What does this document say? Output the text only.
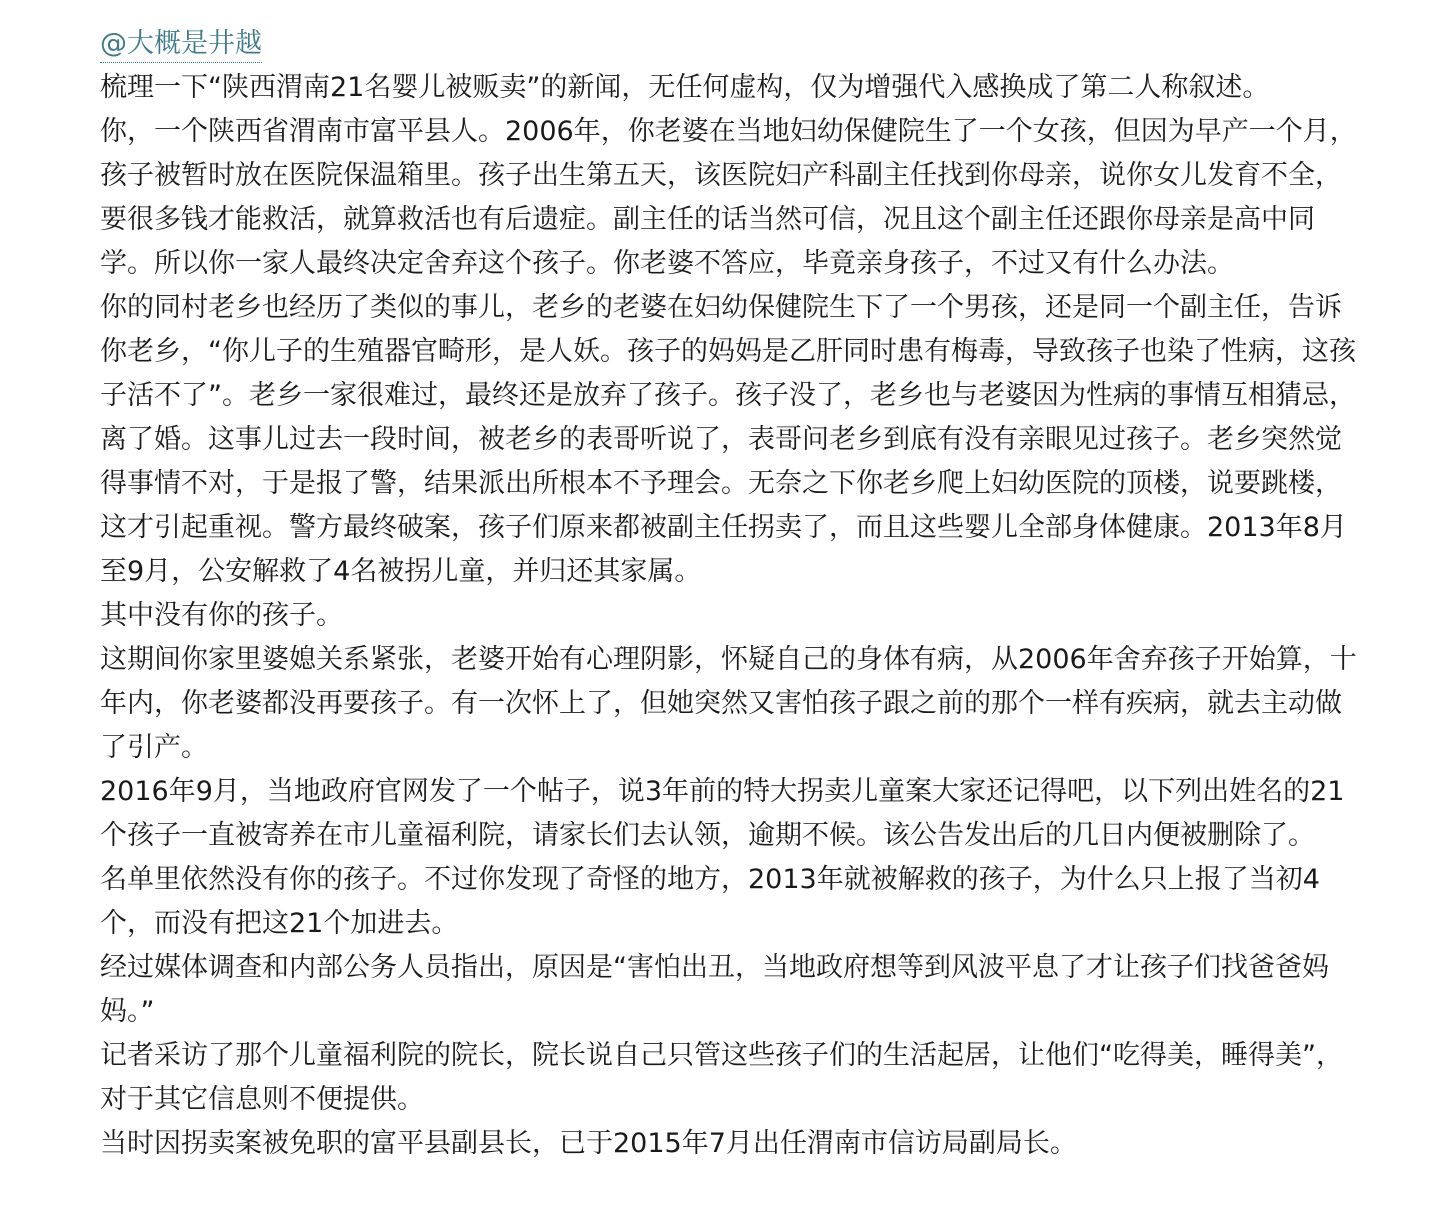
@大概是井越

梳理一下“陕西渭南21名婴儿被贩卖”的新闻，无任何虚构，仅为增强代入感换成了第二人称叙述。

你，一个陕西省渭南市富平县人。2006年，你老婆在当地妇幼保健院生了一个女孩，但因为早产一个月，孩子被暂时放在医院保温箱里。孩子出生第五天，该医院妇产科副主任找到你母亲，说你女儿发育不全，要很多钱才能救活，就算救活也有后遗症。副主任的话当然可信，况且这个副主任还跟你母亲是高中同学。所以你一家人最终决定舍弃这个孩子。你老婆不答应，毕竟亲身孩子，不过又有什么办法。

你的同村老乡也经历了类似的事儿，老乡的老婆在妇幼保健院生下了一个男孩，还是同一个副主任，告诉你老乡，“你儿子的生殖器官畸形，是人妖。孩子的妈妈是乙肝同时患有梅毒，导致孩子也染了性病，这孩子活不了”。老乡一家很难过，最终还是放弃了孩子。孩子没了，老乡也与老婆因为性病的事情互相猜忌，离了婚。这事儿过去一段时间，被老乡的表哥听说了，表哥问老乡到底有没有亲眼见过孩子。老乡突然觉得事情不对，于是报了警，结果派出所根本不予理会。无奈之下你老乡爬上妇幼医院的顶楼，说要跳楼，这才引起重视。警方最终破案，孩子们原来都被副主任拐卖了，而且这些婴儿全部身体健康。2013年8月至9月，公安解救了4名被拐儿童，并归还其家属。

其中没有你的孩子。

这期间你家里婆媳关系紧张，老婆开始有心理阴影，怀疑自己的身体有病，从2006年舍弃孩子开始算，十年内，你老婆都没再要孩子。有一次怀上了，但她突然又害怕孩子跟之前的那个一样有疾病，就去主动做了引产。

2016年9月，当地政府官网发了一个帖子，说3年前的特大拐卖儿童案大家还记得吧，以下列出姓名的21个孩子一直被寄养在市儿童福利院，请家长们去认领，逾期不候。该公告发出后的几日内便被删除了。

名单里依然没有你的孩子。不过你发现了奇怪的地方，2013年就被解救的孩子，为什么只上报了当初4个，而没有把这21个加进去。

经过媒体调查和内部公务人员指出，原因是“害怕出丑，当地政府想等到风波平息了才让孩子们找爸爸妈妈。”

记者采访了那个儿童福利院的院长，院长说自己只管这些孩子们的生活起居，让他们“吃得美，睡得美”，对于其它信息则不便提供。

当时因拐卖案被免职的富平县副县长，已于2015年7月出任渭南市信访局副局长。
